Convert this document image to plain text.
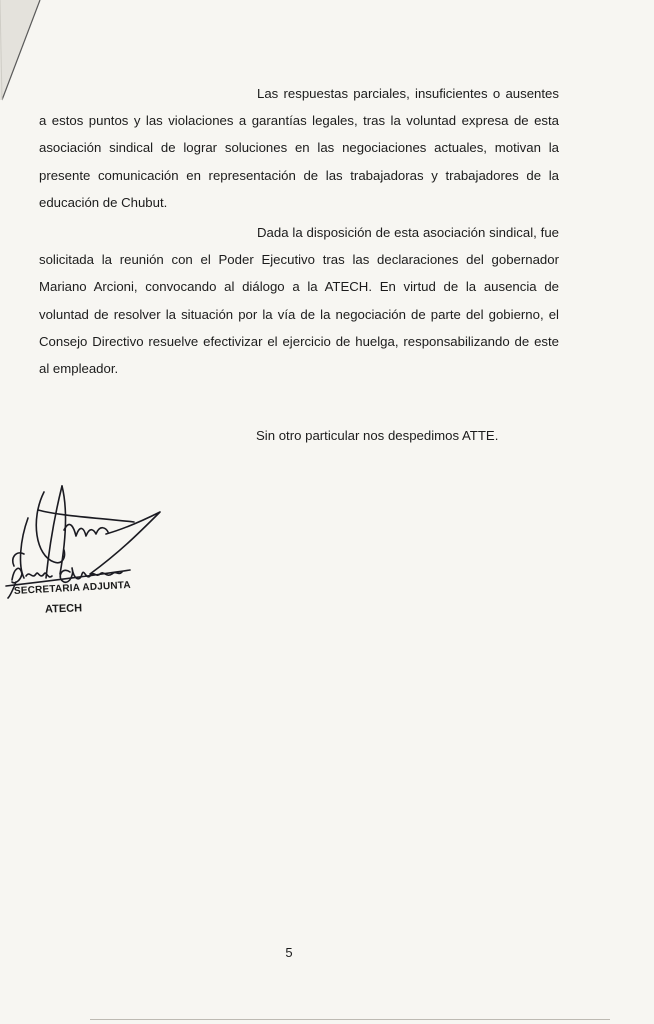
Las respuestas parciales, insuficientes o ausentes a estos puntos y las violaciones a garantías legales, tras la voluntad expresa de esta asociación sindical de lograr soluciones en las negociaciones actuales, motivan la presente comunicación en representación de las trabajadoras y trabajadores de la educación de Chubut.

Dada la disposición de esta asociación sindical, fue solicitada la reunión con el Poder Ejecutivo tras las declaraciones del gobernador Mariano Arcioni, convocando al diálogo a la ATECH. En virtud de la ausencia de voluntad de resolver la situación por la vía de la negociación de parte del gobierno, el Consejo Directivo resuelve efectivizar el ejercicio de huelga, responsabilizando de este al empleador.

Sin otro particular nos despedimos ATTE.
SECRETARIA ADJUNTA
ATECH
5
